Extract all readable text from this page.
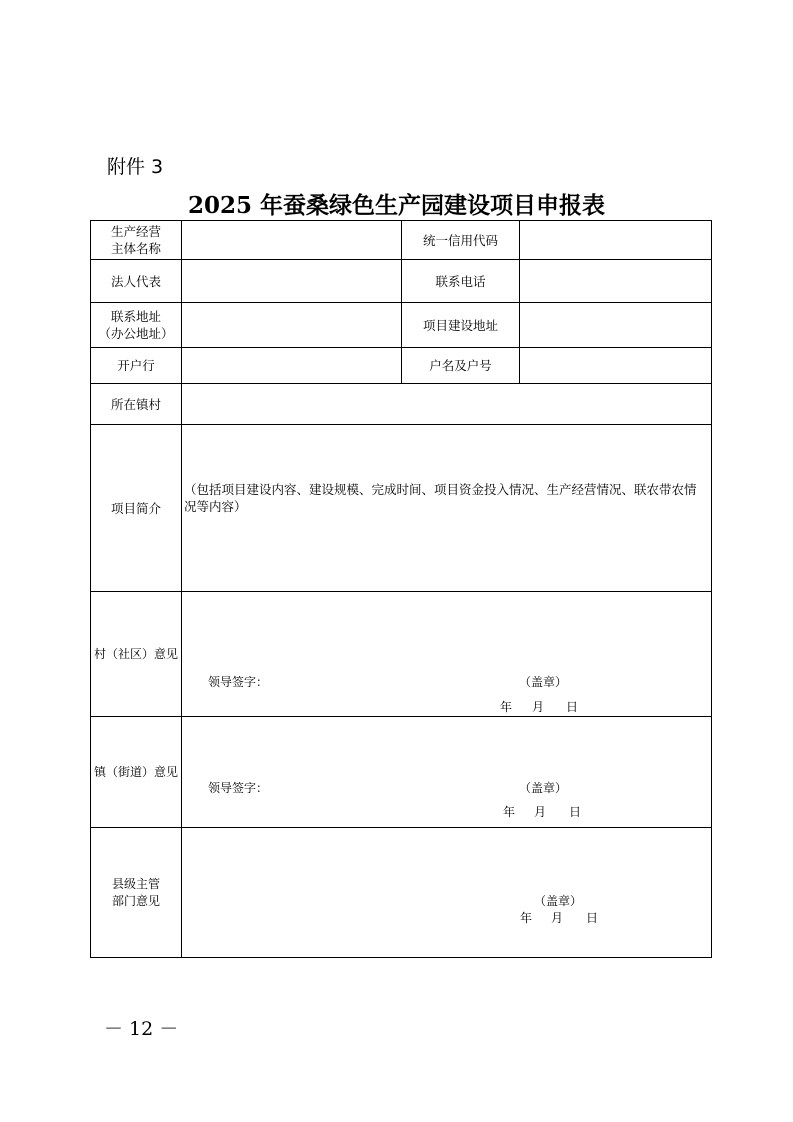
附件 3
2025 年蚕桑绿色生产园建设项目申报表
生产经营
主体名称		统一信用代码	
法人代表		联系电话	
联系地址
（办公地址）		项目建设地址	
开户行		户名及户号	
所在镇村			
项目简介	（包括项目建设内容、建设规模、完成时间、项目资金投入情况、生产经营情况、联农带农情况等内容）		

村（社区）意见	领导签字： （盖章）
年 月 日		

镇（街道）意见	领导签字： （盖章）
年 月 日		

县级主管
部门意见	（盖章）
年 月 日		
－ 12 －
